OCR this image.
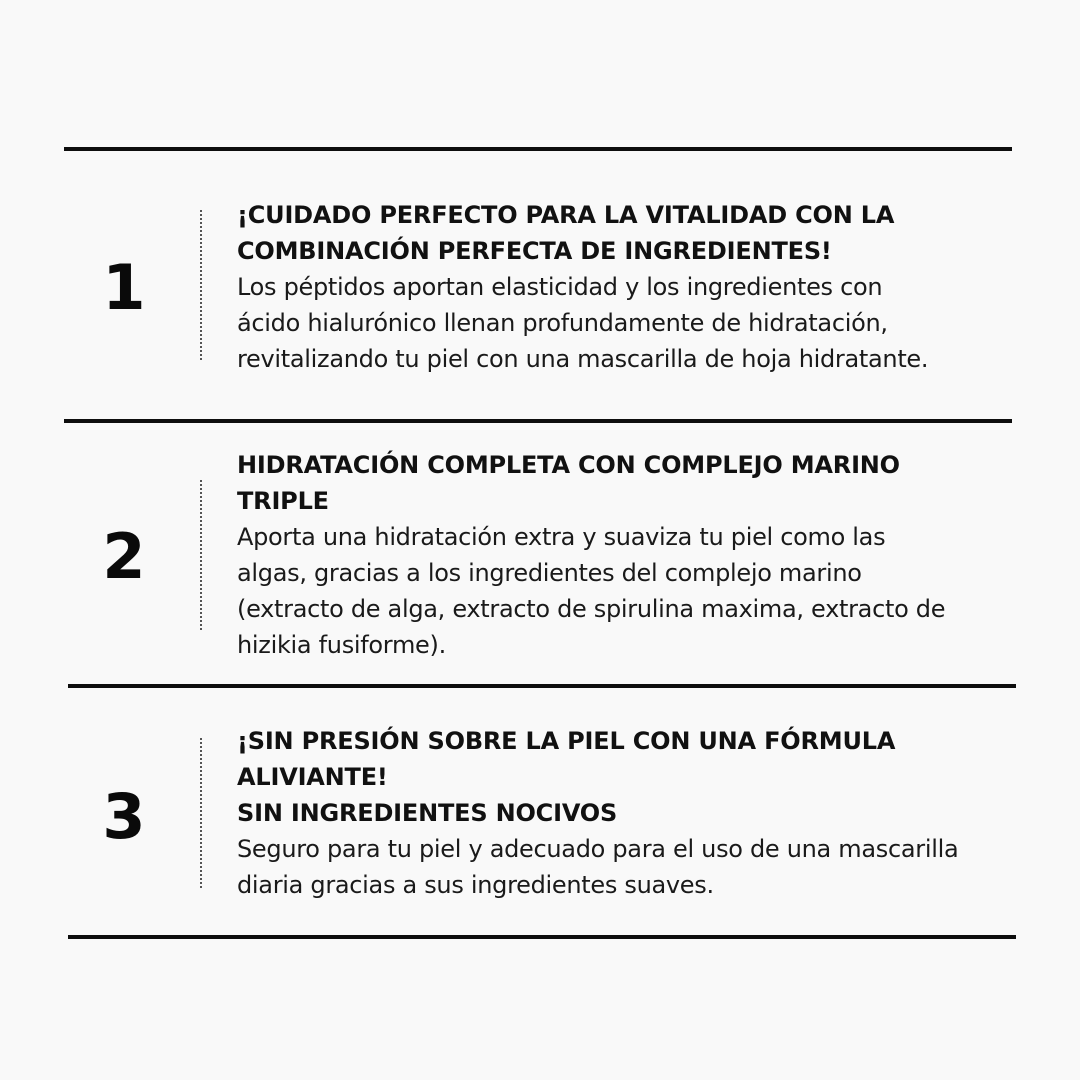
1
¡CUIDADO PERFECTO PARA LA VITALIDAD CON LA
COMBINACIÓN PERFECTA DE INGREDIENTES!
Los péptidos aportan elasticidad y los ingredientes con
ácido hialurónico llenan profundamente de hidratación,
revitalizando tu piel con una mascarilla de hoja hidratante.
2
HIDRATACIÓN COMPLETA CON COMPLEJO MARINO
TRIPLE
Aporta una hidratación extra y suaviza tu piel como las
algas, gracias a los ingredientes del complejo marino
(extracto de alga, extracto de spirulina maxima, extracto de
hizikia fusiforme).
3
¡SIN PRESIÓN SOBRE LA PIEL CON UNA FÓRMULA
ALIVIANTE!
SIN INGREDIENTES NOCIVOS
Seguro para tu piel y adecuado para el uso de una mascarilla
diaria gracias a sus ingredientes suaves.
